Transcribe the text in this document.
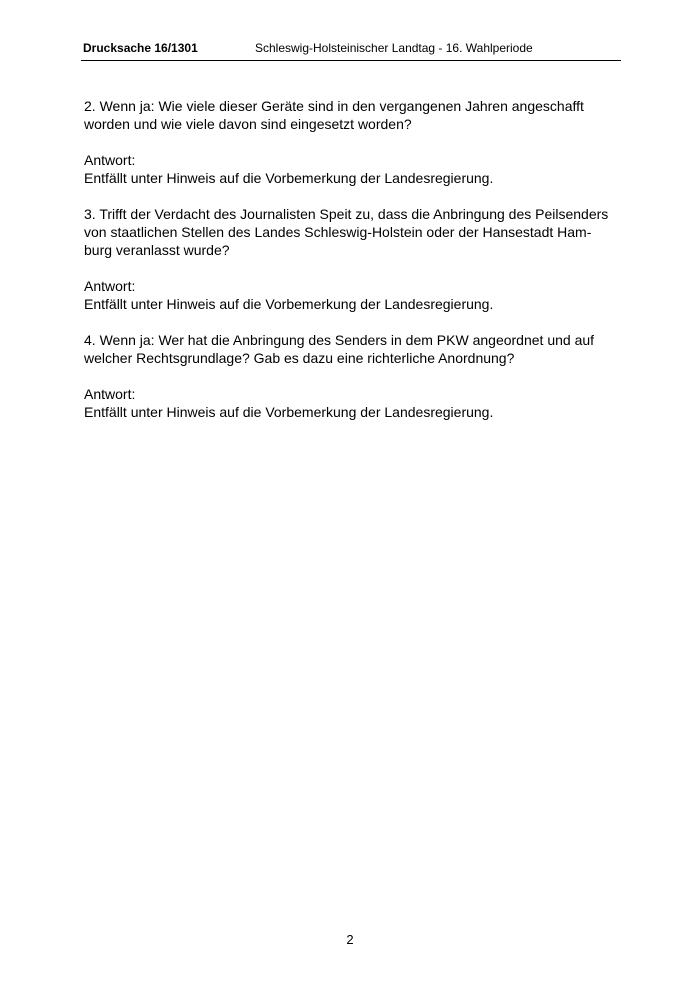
Drucksache 16/1301	Schleswig-Holsteinischer Landtag - 16. Wahlperiode

2. Wenn ja: Wie viele dieser Geräte sind in den vergangenen Jahren angeschafft
worden und wie viele davon sind eingesetzt worden?

Antwort:
Entfällt unter Hinweis auf die Vorbemerkung der Landesregierung.

3. Trifft der Verdacht des Journalisten Speit zu, dass die Anbringung des Peilsenders
von staatlichen Stellen des Landes Schleswig-Holstein oder der Hansestadt Ham-
burg veranlasst wurde?

Antwort:
Entfällt unter Hinweis auf die Vorbemerkung der Landesregierung.

4. Wenn ja: Wer hat die Anbringung des Senders in dem PKW angeordnet und auf
welcher Rechtsgrundlage? Gab es dazu eine richterliche Anordnung?

Antwort:
Entfällt unter Hinweis auf die Vorbemerkung der Landesregierung.

2
